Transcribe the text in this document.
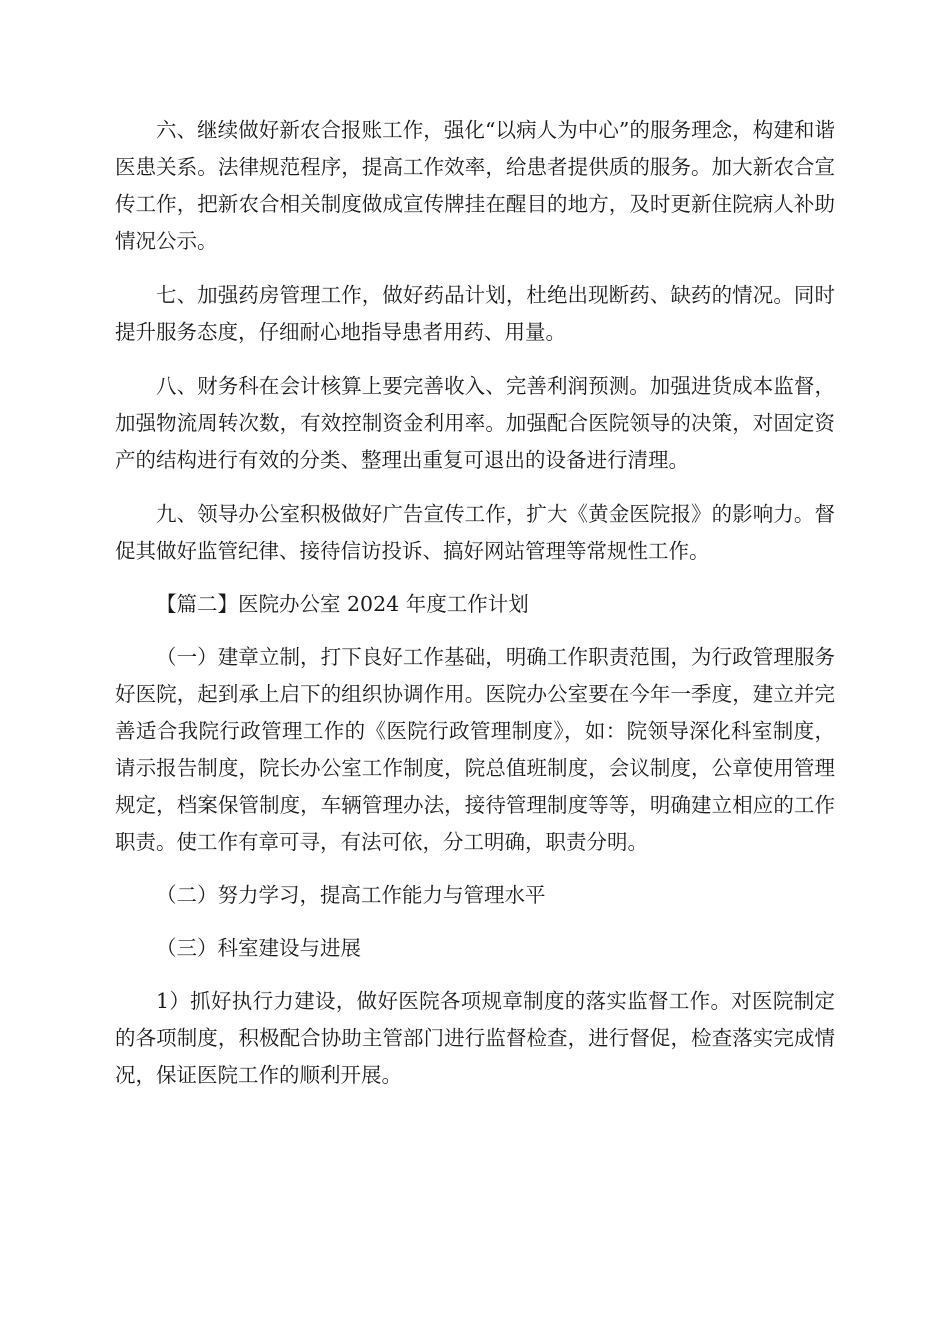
六、继续做好新农合报账工作，强化“以病人为中心”的服务理念，构建和谐医患关系。法律规范程序，提高工作效率，给患者提供质的服务。加大新农合宣传工作，把新农合相关制度做成宣传牌挂在醒目的地方，及时更新住院病人补助情况公示。

七、加强药房管理工作，做好药品计划，杜绝出现断药、缺药的情况。同时提升服务态度，仔细耐心地指导患者用药、用量。

八、财务科在会计核算上要完善收入、完善利润预测。加强进货成本监督，加强物流周转次数，有效控制资金利用率。加强配合医院领导的决策，对固定资产的结构进行有效的分类、整理出重复可退出的设备进行清理。

九、领导办公室积极做好广告宣传工作，扩大《黄金医院报》的影响力。督促其做好监管纪律、接待信访投诉、搞好网站管理等常规性工作。

【篇二】医院办公室 2024 年度工作计划

（一）建章立制，打下良好工作基础，明确工作职责范围，为行政管理服务好医院，起到承上启下的组织协调作用。医院办公室要在今年一季度，建立并完善适合我院行政管理工作的《医院行政管理制度》，如：院领导深化科室制度，请示报告制度，院长办公室工作制度，院总值班制度，会议制度，公章使用管理规定，档案保管制度，车辆管理办法，接待管理制度等等，明确建立相应的工作职责。使工作有章可寻，有法可依，分工明确，职责分明。

（二）努力学习，提高工作能力与管理水平

（三）科室建设与进展

1）抓好执行力建设，做好医院各项规章制度的落实监督工作。对医院制定的各项制度，积极配合协助主管部门进行监督检查，进行督促，检查落实完成情况，保证医院工作的顺利开展。
